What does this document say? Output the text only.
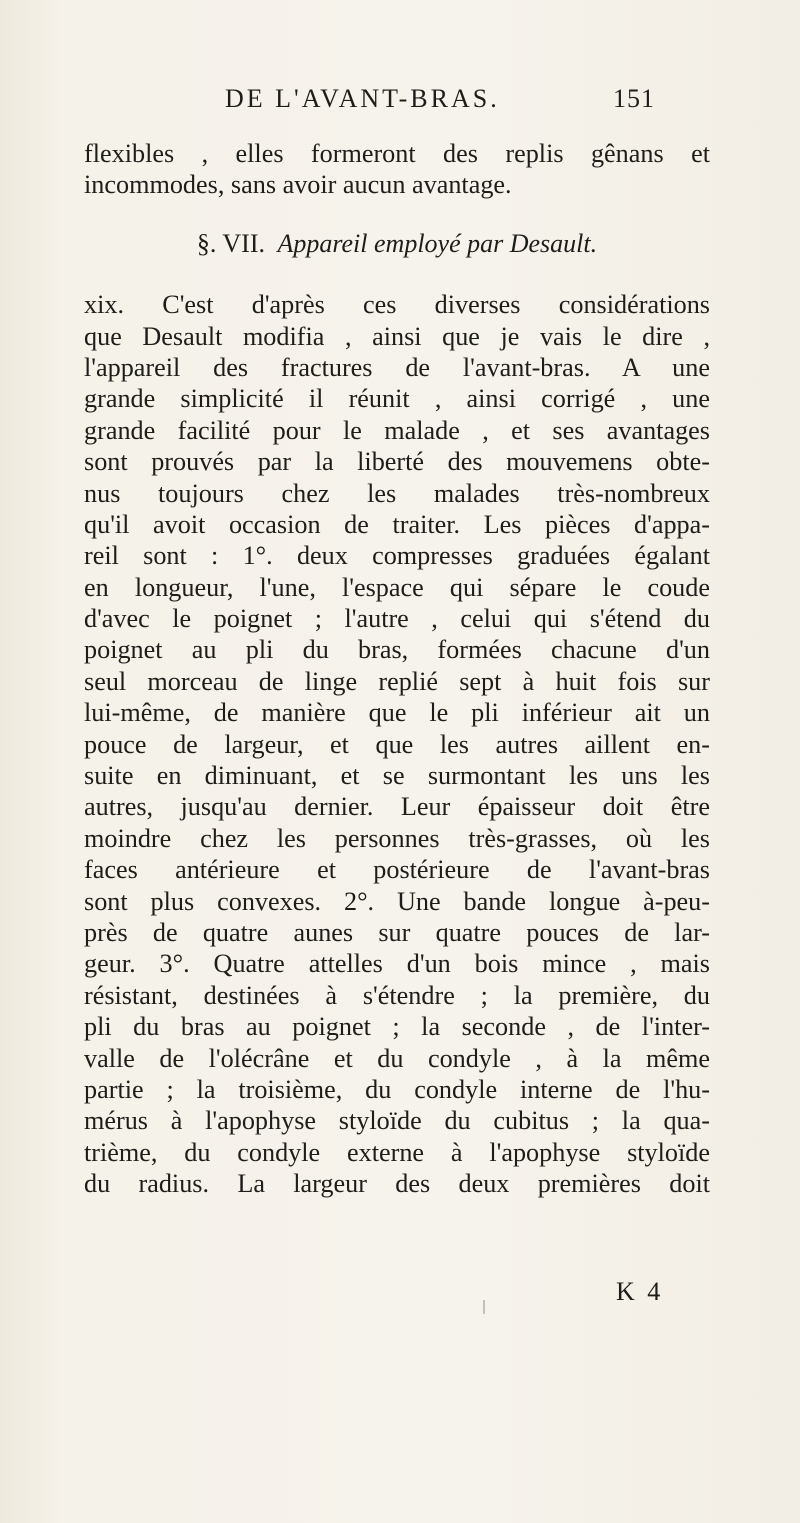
DE L'AVANT-BRAS.	151
flexibles , elles formeront des replis gênans et
incommodes, sans avoir aucun avantage.
§. VII. Appareil employé par Desault.
xix. C'est d'après ces diverses considérations
que Desault modifia , ainsi que je vais le dire ,
l'appareil des fractures de l'avant-bras. A une
grande simplicité il réunit , ainsi corrigé , une
grande facilité pour le malade , et ses avantages
sont prouvés par la liberté des mouvemens obte-
nus toujours chez les malades très-nombreux
qu'il avoit occasion de traiter. Les pièces d'appa-
reil sont : 1°. deux compresses graduées égalant
en longueur, l'une, l'espace qui sépare le coude
d'avec le poignet ; l'autre , celui qui s'étend du
poignet au pli du bras, formées chacune d'un
seul morceau de linge replié sept à huit fois sur
lui-même, de manière que le pli inférieur ait un
pouce de largeur, et que les autres aillent en-
suite en diminuant, et se surmontant les uns les
autres, jusqu'au dernier. Leur épaisseur doit être
moindre chez les personnes très-grasses, où les
faces antérieure et postérieure de l'avant-bras
sont plus convexes. 2°. Une bande longue à-peu-
près de quatre aunes sur quatre pouces de lar-
geur. 3°. Quatre attelles d'un bois mince , mais
résistant, destinées à s'étendre ; la première, du
pli du bras au poignet ; la seconde , de l'inter-
valle de l'olécrâne et du condyle , à la même
partie ; la troisième, du condyle interne de l'hu-
mérus à l'apophyse styloïde du cubitus ; la qua-
trième, du condyle externe à l'apophyse styloïde
du radius. La largeur des deux premières doit
K 4
